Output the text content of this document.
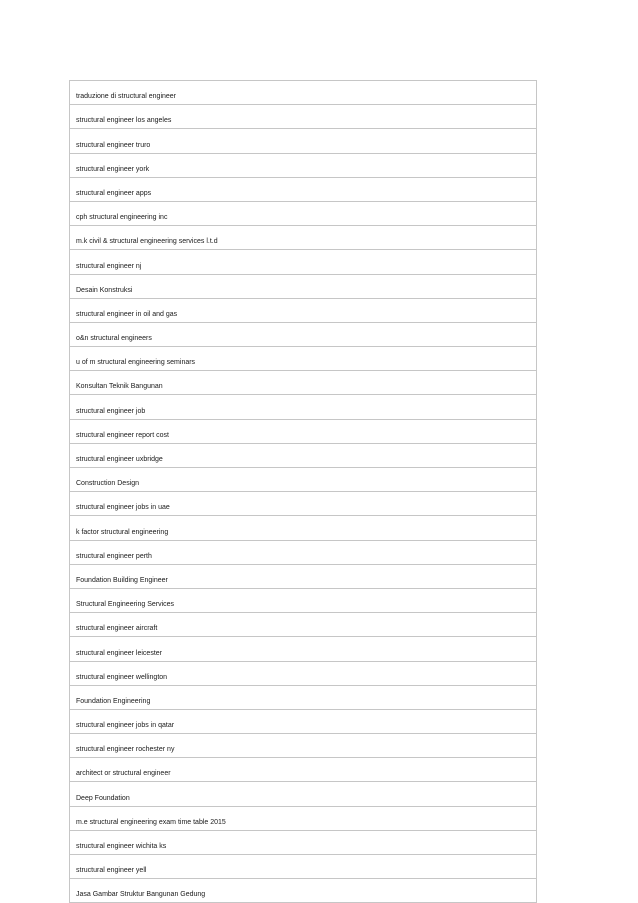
traduzione di structural engineer
structural engineer los angeles
structural engineer truro
structural engineer york
structural engineer apps
cph structural engineering inc
m.k civil & structural engineering services l.t.d
structural engineer nj
Desain Konstruksi
structural engineer in oil and gas
o&n structural engineers
u of m structural engineering seminars
Konsultan Teknik Bangunan
structural engineer job
structural engineer report cost
structural engineer uxbridge
Construction Design
structural engineer jobs in uae
k factor structural engineering
structural engineer perth
Foundation Building Engineer
Structural Engineering Services
structural engineer aircraft
structural engineer leicester
structural engineer wellington
Foundation Engineering
structural engineer jobs in qatar
structural engineer rochester ny
architect or structural engineer
Deep Foundation
m.e structural engineering exam time table 2015
structural engineer wichita ks
structural engineer yell
Jasa Gambar Struktur Bangunan Gedung
